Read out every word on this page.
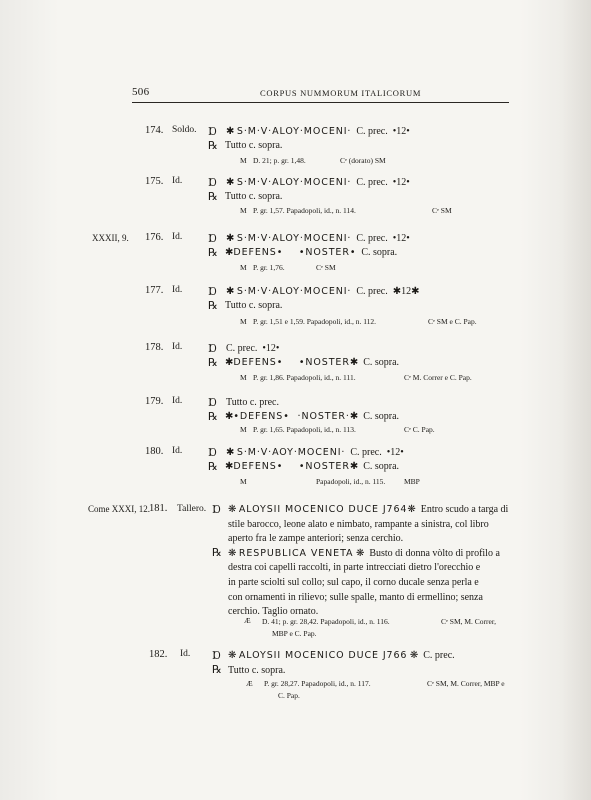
506	CORPUS NUMMORUM ITALICORUM
174. Soldo. Ɒ ✱ S·M·V·ALOY·MOCENI· C. prec. •12•
℞ Tutto c. sopra.
M D. 21; p. gr. 1,48.	Cᵉ (dorato) SM
175. Id. Ɒ ✱ S·M·V·ALOY·MOCENI· C. prec. •12•
℞ Tutto c. sopra.
M P. gr. 1,57. Papadopoli, id., n. 114.	Cᵉ SM
XXXII, 9. 176. Id. Ɒ ✱ S·M·V·ALOY·MOCENI· C. prec. •12•
℞ ✱DEFENS•    •NOSTER• C. sopra.
M P. gr. 1,76.	Cᵉ SM
177. Id. Ɒ ✱ S·M·V·ALOY·MOCENI· C. prec. ✱12✱
℞ Tutto c. sopra.
M P. gr. 1,51 e 1,59. Papadopoli, id., n. 112.	Cᵉ SM e C. Pap.
178. Id. Ɒ C. prec. •12•
℞ ✱DEFENS•    •NOSTER✱  C. sopra.
M P. gr. 1,86. Papadopoli, id., n. 111.	Cᵉ M. Correr e C. Pap.
179. Id. Ɒ Tutto c. prec.
℞ ✱•DEFENS•  ·NOSTER·✱  C. sopra.
M P. gr. 1,65. Papadopoli, id., n. 113.	Cᵉ C. Pap.
180. Id. Ɒ ✱ S·M·V·AOY·MOCENI· C. prec. •12•
℞ ✱DEFENS•    •NOSTER✱  C. sopra.
M	Papadopoli, id., n. 115. MBP
Come XXXI, 12. 181. Tallero. Ɒ ❋ ALOYSII MOCENICO DUCE J764❋  Entro scudo a targa di
stile barocco, leone alato e nimbato, rampante a sinistra, col libro
aperto fra le zampe anteriori; senza cerchio.
℞ ❋ RESPUBLICA VENETA ❋  Busto di donna vòlto di profilo a
destra coi capelli raccolti, in parte intrecciati dietro l'orecchio e
in parte sciolti sul collo; sul capo, il corno ducale senza perla e
con ornamenti in rilievo; sulle spalle, manto di ermellino; senza
cerchio. Taglio ornato.
Æ D. 41; p. gr. 28,42. Papadopoli, id., n. 116.	Cᵉ SM, M. Correr,
MBP e C. Pap.
182. Id. Ɒ ❋ ALOYSII MOCENICO DUCE J766 ❋  C. prec.
℞ Tutto c. sopra.
Æ P. gr. 28,27. Papadopoli, id., n. 117.	Cᵉ SM, M. Correr, MBP e
C. Pap.
